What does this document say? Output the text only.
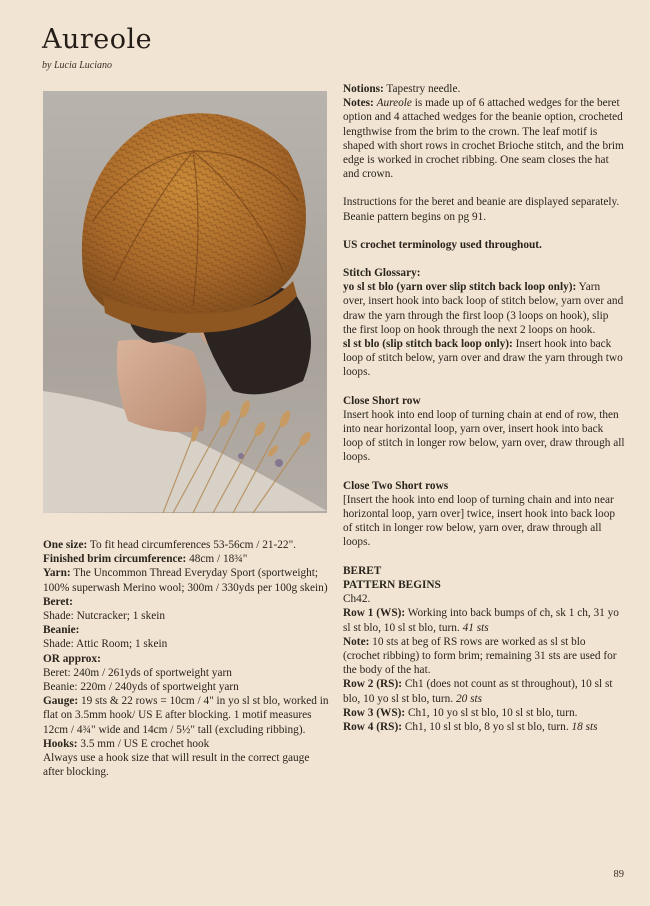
Aureole
by Lucia Luciano

One size: To fit head circumferences 53-56cm / 21-22".

Finished brim circumference: 48cm / 18¾"

Yarn: The Uncommon Thread Everyday Sport (sportweight; 100% superwash Merino wool; 300m / 330yds per 100g skein)

Beret:

Shade: Nutcracker; 1 skein

Beanie:

Shade: Attic Room; 1 skein

OR approx:

Beret: 240m / 261yds of sportweight yarn

Beanie: 220m / 240yds of sportweight yarn

Gauge: 19 sts & 22 rows = 10cm / 4" in yo sl st blo, worked in flat on 3.5mm hook/ US E after blocking. 1 motif measures 12cm / 4¾" wide and 14cm / 5½" tall (excluding ribbing).

Hooks: 3.5 mm / US E crochet hook

Always use a hook size that will result in the correct gauge after blocking.

Notions: Tapestry needle.

Notes: Aureole is made up of 6 attached wedges for the beret option and 4 attached wedges for the beanie option, crocheted lengthwise from the brim to the crown. The leaf motif is shaped with short rows in crochet Brioche stitch, and the brim edge is worked in crochet ribbing. One seam closes the hat and crown.

Instructions for the beret and beanie are displayed separately. Beanie pattern begins on pg 91.

US crochet terminology used throughout.

Stitch Glossary:

yo sl st blo (yarn over slip stitch back loop only): Yarn over, insert hook into back loop of stitch below, yarn over and draw the yarn through the first loop (3 loops on hook), slip the first loop on hook through the next 2 loops on hook.

sl st blo (slip stitch back loop only): Insert hook into back loop of stitch below, yarn over and draw the yarn through two loops.

Close Short row

Insert hook into end loop of turning chain at end of row, then into near horizontal loop, yarn over, insert hook into back loop of stitch in longer row below, yarn over, draw through all loops.

Close Two Short rows

[Insert the hook into end loop of turning chain and into near horizontal loop, yarn over] twice, insert hook into back loop of stitch in longer row below, yarn over, draw through all loops.

BERET

PATTERN BEGINS

Ch42.

Row 1 (WS): Working into back bumps of ch, sk 1 ch, 31 yo sl st blo, 10 sl st blo, turn. 41 sts

Note: 10 sts at beg of RS rows are worked as sl st blo (crochet ribbing) to form brim; remaining 31 sts are used for the body of the hat.

Row 2 (RS): Ch1 (does not count as st throughout), 10 sl st blo, 10 yo sl st blo, turn. 20 sts

Row 3 (WS): Ch1, 10 yo sl st blo, 10 sl st blo, turn.

Row 4 (RS): Ch1, 10 sl st blo, 8 yo sl st blo, turn. 18 sts

89
